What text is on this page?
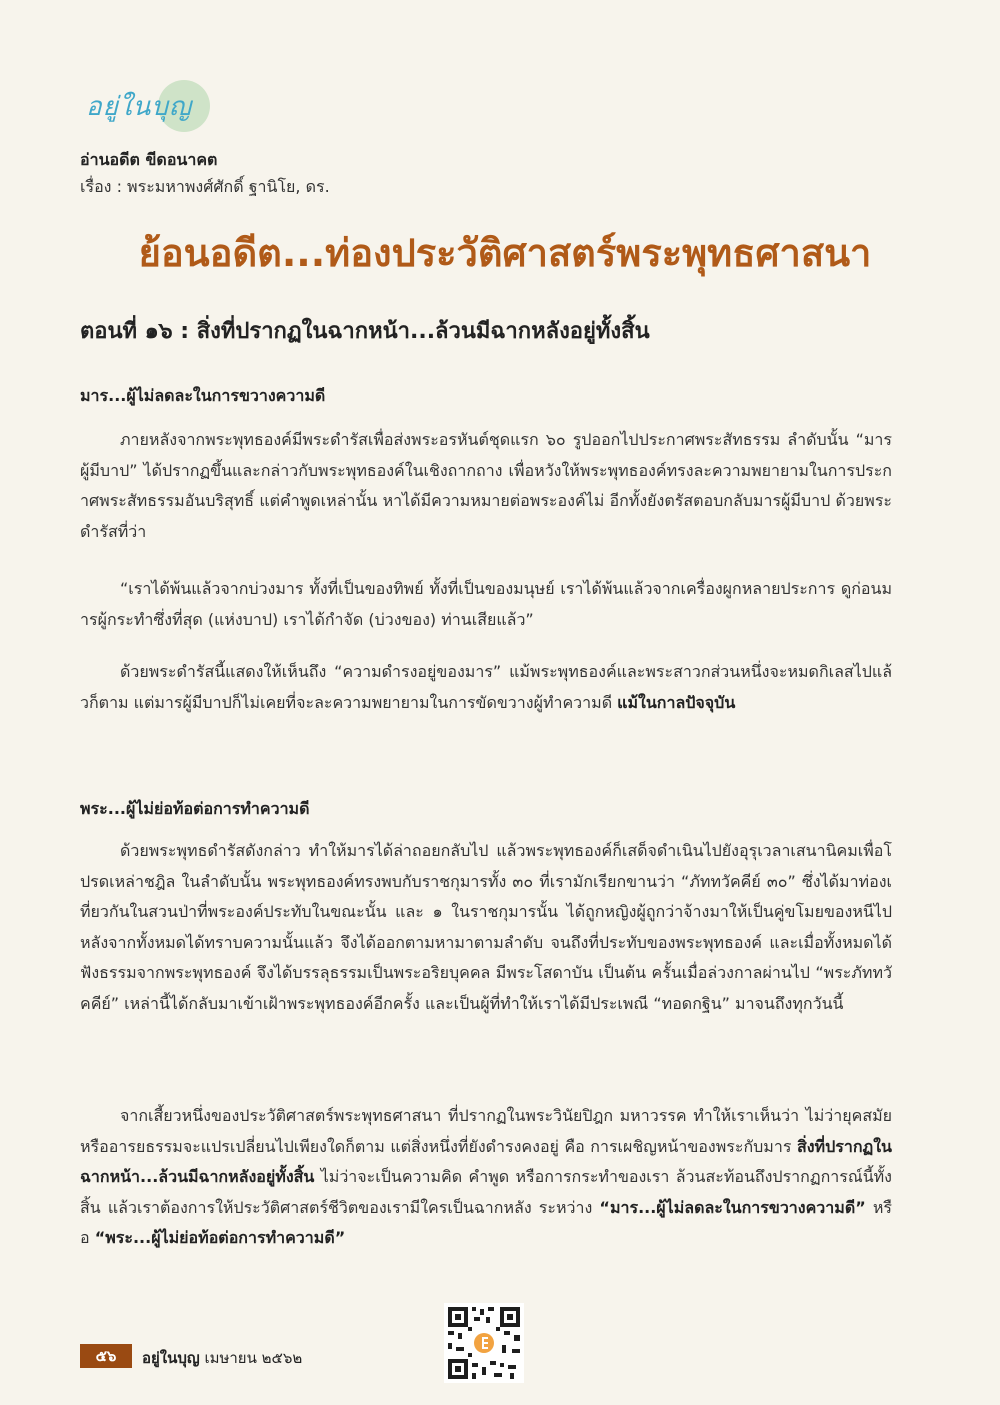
อยู่ในบุญ
อ่านอดีต ขีดอนาคต
เรื่อง : พระมหาพงศ์ศักดิ์ ฐานิโย, ดร.
ย้อนอดีต...ท่องประวัติศาสตร์พระพุทธศาสนา
ตอนที่ ๑๖ : สิ่งที่ปรากฏในฉากหน้า...ล้วนมีฉากหลังอยู่ทั้งสิ้น
มาร...ผู้ไม่ลดละในการขวางความดี
ภายหลังจากพระพุทธองค์มีพระดำรัสเพื่อส่งพระอรหันต์ชุดแรก ๖๐ รูปออกไปประกาศพระสัทธรรม ลำดับนั้น “มารผู้มีบาป” ได้ปรากฏขึ้นและกล่าวกับพระพุทธองค์ในเชิงถากถาง เพื่อหวังให้พระพุทธองค์ทรงละความพยายามในการประกาศพระสัทธรรมอันบริสุทธิ์ แต่คำพูดเหล่านั้น หาได้มีความหมายต่อพระองค์ไม่ อีกทั้งยังตรัสตอบกลับมารผู้มีบาป ด้วยพระดำรัสที่ว่า
“เราได้พ้นแล้วจากบ่วงมาร ทั้งที่เป็นของทิพย์ ทั้งที่เป็นของมนุษย์ เราได้พ้นแล้วจากเครื่องผูกหลายประการ ดูก่อนมารผู้กระทำซึ่งที่สุด (แห่งบาป) เราได้กำจัด (บ่วงของ) ท่านเสียแล้ว”
ด้วยพระดำรัสนี้แสดงให้เห็นถึง “ความดำรงอยู่ของมาร” แม้พระพุทธองค์และพระสาวกส่วนหนึ่งจะหมดกิเลสไปแล้วก็ตาม แต่มารผู้มีบาปก็ไม่เคยที่จะละความพยายามในการขัดขวางผู้ทำความดี แม้ในกาลปัจจุบัน
พระ...ผู้ไม่ย่อท้อต่อการทำความดี
ด้วยพระพุทธดำรัสดังกล่าว ทำให้มารได้ล่าถอยกลับไป แล้วพระพุทธองค์ก็เสด็จดำเนินไปยังอุรุเวลาเสนานิคมเพื่อโปรดเหล่าชฎิล ในลำดับนั้น พระพุทธองค์ทรงพบกับราชกุมารทั้ง ๓๐ ที่เรามักเรียกขานว่า “ภัททวัคคีย์ ๓๐” ซึ่งได้มาท่องเที่ยวกันในสวนป่าที่พระองค์ประทับในขณะนั้น และ ๑ ในราชกุมารนั้น ได้ถูกหญิงผู้ถูกว่าจ้างมาให้เป็นคู่ขโมยของหนีไป หลังจากทั้งหมดได้ทราบความนั้นแล้ว จึงได้ออกตามหามาตามลำดับ จนถึงที่ประทับของพระพุทธองค์ และเมื่อทั้งหมดได้ฟังธรรมจากพระพุทธองค์ จึงได้บรรลุธรรมเป็นพระอริยบุคคล มีพระโสดาบัน เป็นต้น ครั้นเมื่อล่วงกาลผ่านไป “พระภัททวัคคีย์” เหล่านี้ได้กลับมาเข้าเฝ้าพระพุทธองค์อีกครั้ง และเป็นผู้ที่ทำให้เราได้มีประเพณี “ทอดกฐิน” มาจนถึงทุกวันนี้
จากเสี้ยวหนึ่งของประวัติศาสตร์พระพุทธศาสนา ที่ปรากฏในพระวินัยปิฎก มหาวรรค ทำให้เราเห็นว่า ไม่ว่ายุคสมัยหรืออารยธรรมจะแปรเปลี่ยนไปเพียงใดก็ตาม แต่สิ่งหนึ่งที่ยังดำรงคงอยู่ คือ การเผชิญหน้าของพระกับมาร สิ่งที่ปรากฏในฉากหน้า...ล้วนมีฉากหลังอยู่ทั้งสิ้น ไม่ว่าจะเป็นความคิด คำพูด หรือการกระทำของเรา ล้วนสะท้อนถึงปรากฏการณ์นี้ทั้งสิ้น แล้วเราต้องการให้ประวัติศาสตร์ชีวิตของเรามีใครเป็นฉากหลัง ระหว่าง “มาร...ผู้ไม่ลดละในการขวางความดี” หรือ “พระ...ผู้ไม่ย่อท้อต่อการทำความดี”
๕๖	อยู่ในบุญ เมษายน ๒๕๖๒
